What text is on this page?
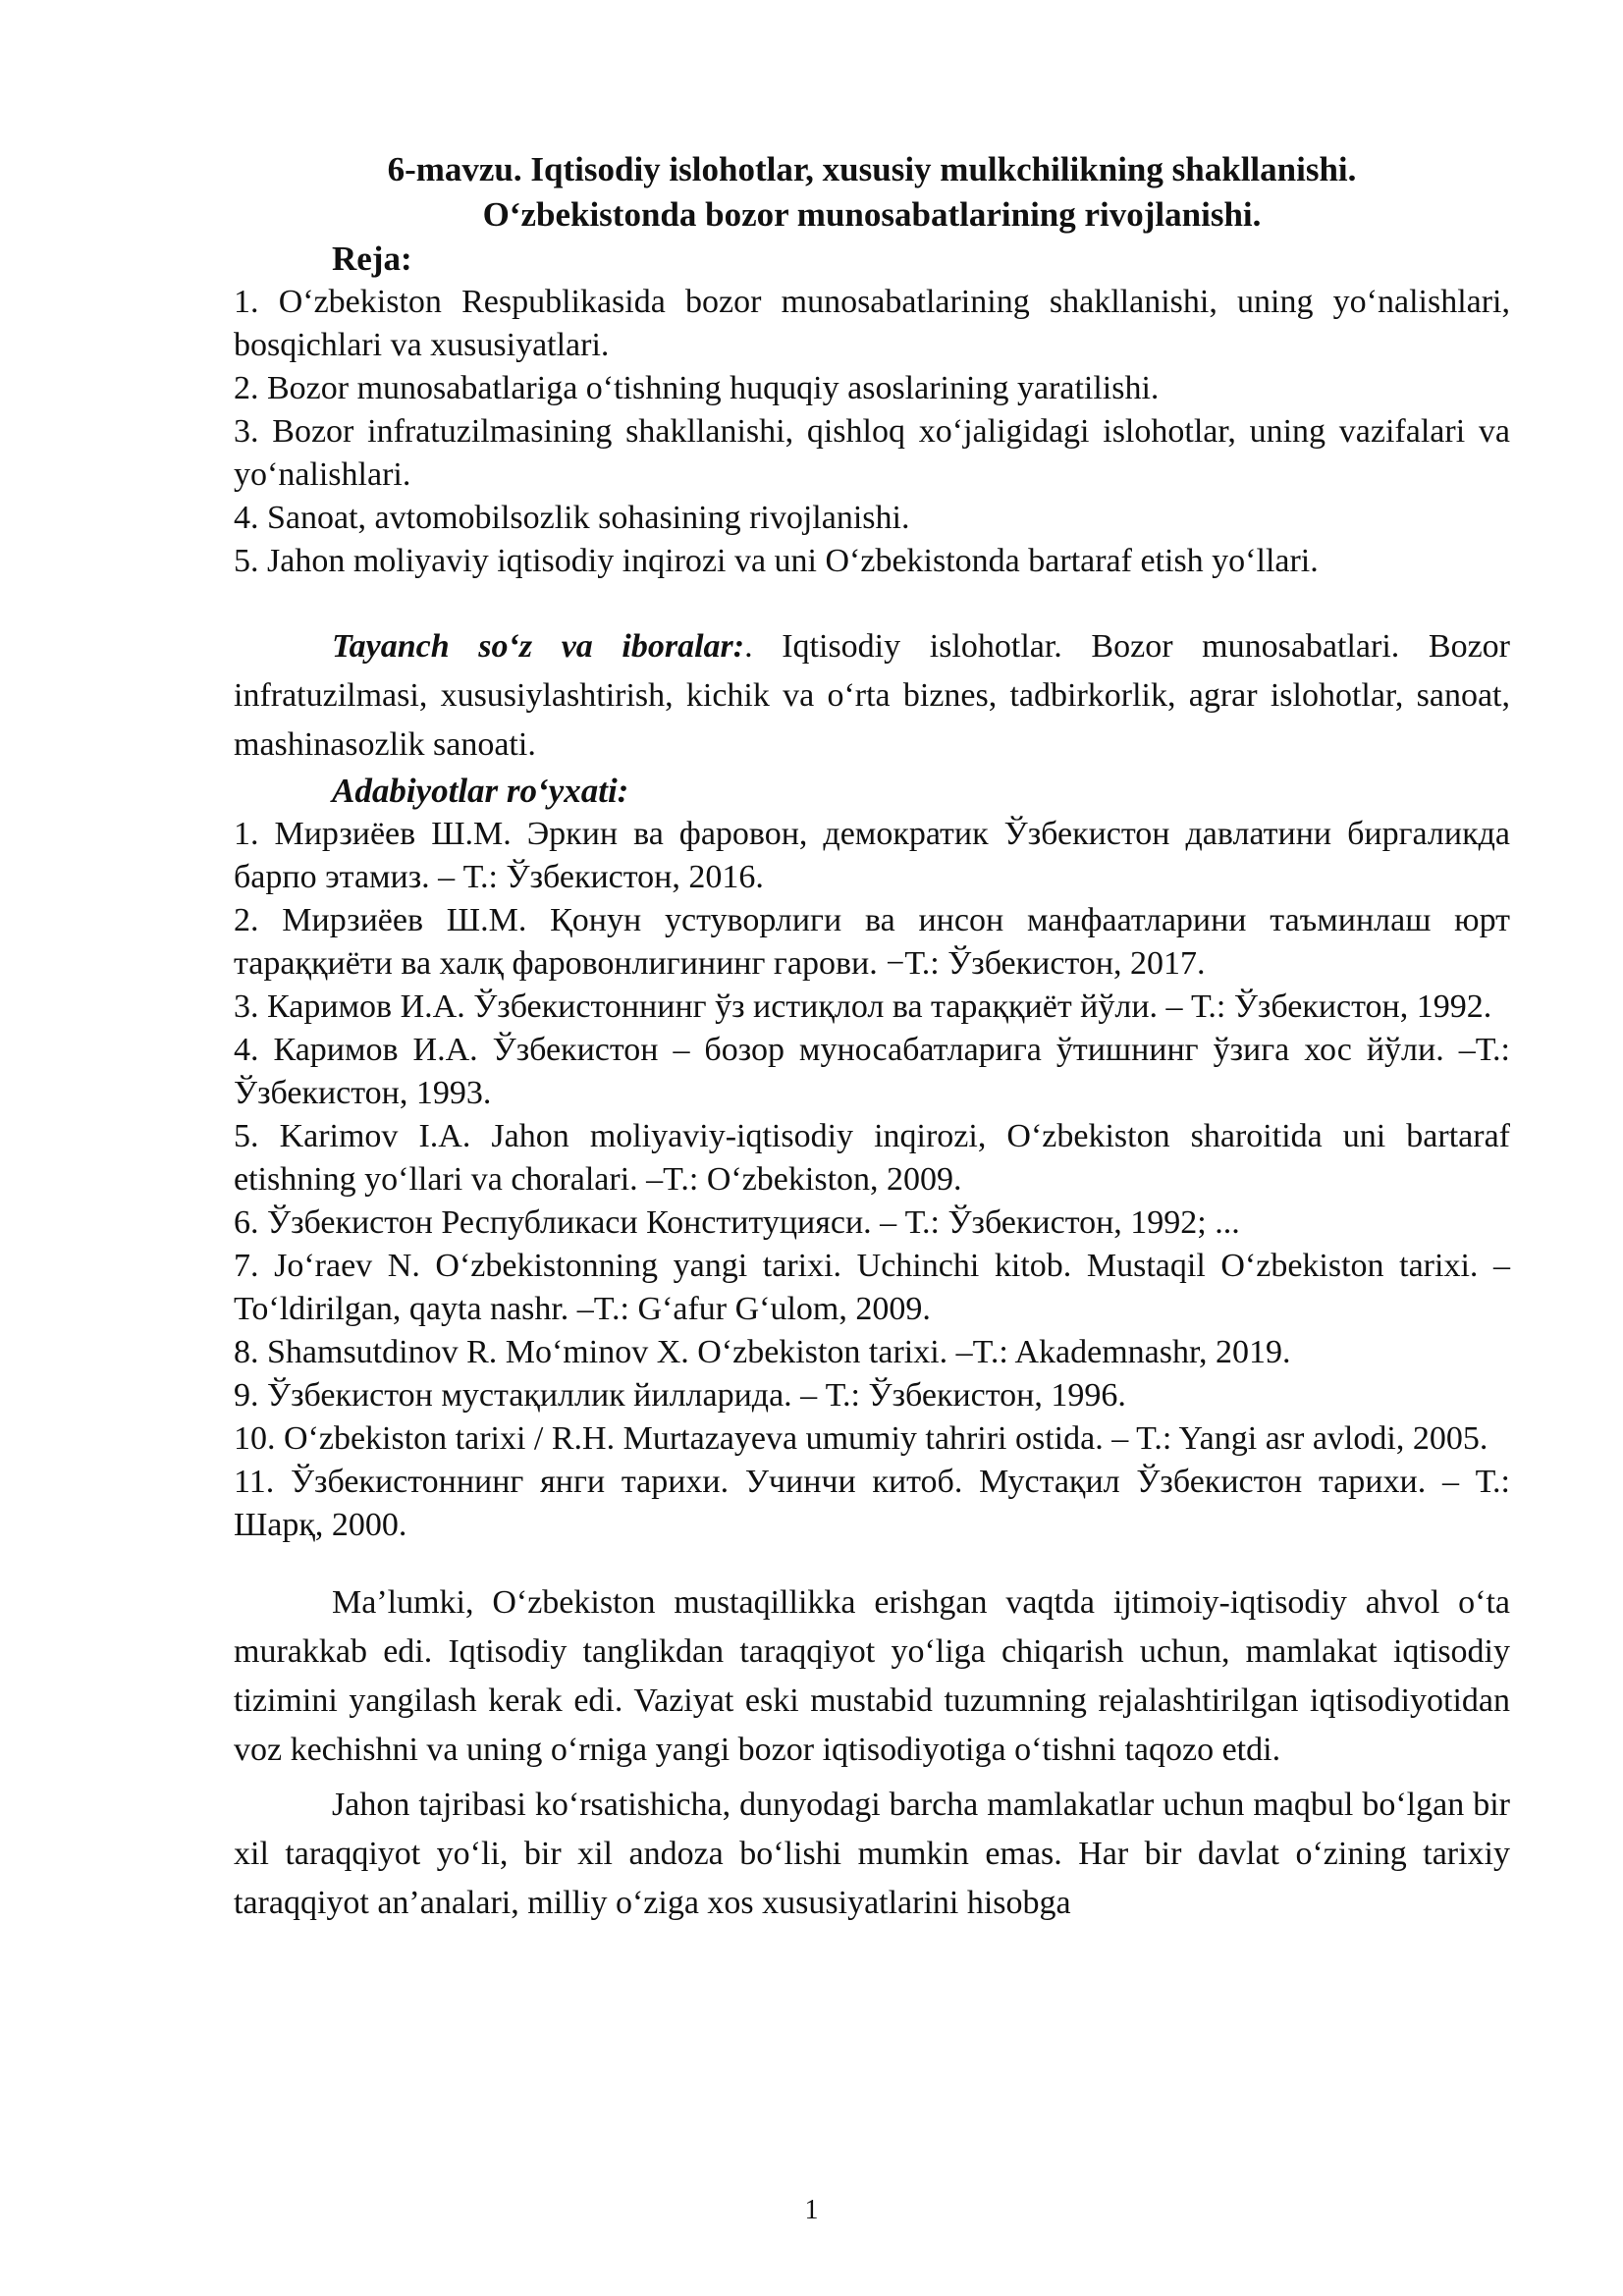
6-mavzu. Iqtisodiy islohotlar, xususiy mulkchilikning shakllanishi.

O‘zbekistonda bozor munosabatlarining rivojlanishi.

Reja:

1. O‘zbekiston Respublikasida bozor munosabatlarining shakllanishi, uning yo‘nalishlari, bosqichlari va xususiyatlari.

2. Bozor munosabatlariga o‘tishning huquqiy asoslarining yaratilishi.

3. Bozor infratuzilmasining shakllanishi, qishloq xo‘jaligidagi islohotlar, uning vazifalari va yo‘nalishlari.

4. Sanoat, avtomobilsozlik sohasining rivojlanishi.

5. Jahon moliyaviy iqtisodiy inqirozi va uni O‘zbekistonda bartaraf etish yo‘llari.

Tayanch so‘z va iboralar:. Iqtisodiy islohotlar. Bozor munosabatlari. Bozor infratuzilmasi, xususiylashtirish, kichik va o‘rta biznes, tadbirkorlik, agrar islohotlar, sanoat, mashinasozlik sanoati.

Adabiyotlar ro‘yxati:

1. Мирзиёев Ш.М. Эркин ва фаровон, демократик Ўзбекистон давлатини биргаликда барпо этамиз. – Т.: Ўзбекистон, 2016.

2. Мирзиёев Ш.М. Қонун устуворлиги ва инсон манфаатларини таъминлаш юрт тараққиёти ва халқ фаровонлигининг гарови. −Т.: Ўзбекистон, 2017.

3. Каримов И.А. Ўзбекистоннинг ўз истиқлол ва тараққиёт йўли. – Т.: Ўзбекистон, 1992.

4. Каримов И.А. Ўзбекистон – бозор муносабатларига ўтишнинг ўзига хос йўли. –Т.: Ўзбекистон, 1993.

5. Karimov I.A. Jahon moliyaviy-iqtisodiy inqirozi, O‘zbekiston sharoitida uni bartaraf etishning yo‘llari va choralari. –T.: O‘zbekiston, 2009.

6. Ўзбекистон Республикаси Конституцияси. – Т.: Ўзбекистон, 1992; ...

7. Jo‘raev N. O‘zbekistonning yangi tarixi. Uchinchi kitob. Mustaqil O‘zbekiston tarixi. – To‘ldirilgan, qayta nashr. –T.: G‘afur G‘ulom, 2009.

8. Shamsutdinov R. Mo‘minov X. O‘zbekiston tarixi. –T.: Akademnashr, 2019.

9. Ўзбекистон мустақиллик йилларида. – Т.: Ўзбекистон, 1996.

10. O‘zbekiston tarixi / R.H. Murtazayeva umumiy tahriri ostida. – T.: Yangi asr avlodi, 2005.

11. Ўзбекистоннинг янги тарихи. Учинчи китоб. Мустақил Ўзбекистон тарихи. – Т.: Шарқ, 2000.

Ma’lumki, O‘zbekiston mustaqillikka erishgan vaqtda ijtimoiy-iqtisodiy ahvol o‘ta murakkab edi. Iqtisodiy tanglikdan taraqqiyot yo‘liga chiqarish uchun, mamlakat iqtisodiy tizimini yangilash kerak edi. Vaziyat eski mustabid tuzumning rejalashtirilgan iqtisodiyotidan voz kechishni va uning o‘rniga yangi bozor iqtisodiyotiga o‘tishni taqozo etdi.

Jahon tajribasi ko‘rsatishicha, dunyodagi barcha mamlakatlar uchun maqbul bo‘lgan bir xil taraqqiyot yo‘li, bir xil andoza bo‘lishi mumkin emas. Har bir davlat o‘zining tarixiy taraqqiyot an’analari, milliy o‘ziga xos xususiyatlarini hisobga

1
